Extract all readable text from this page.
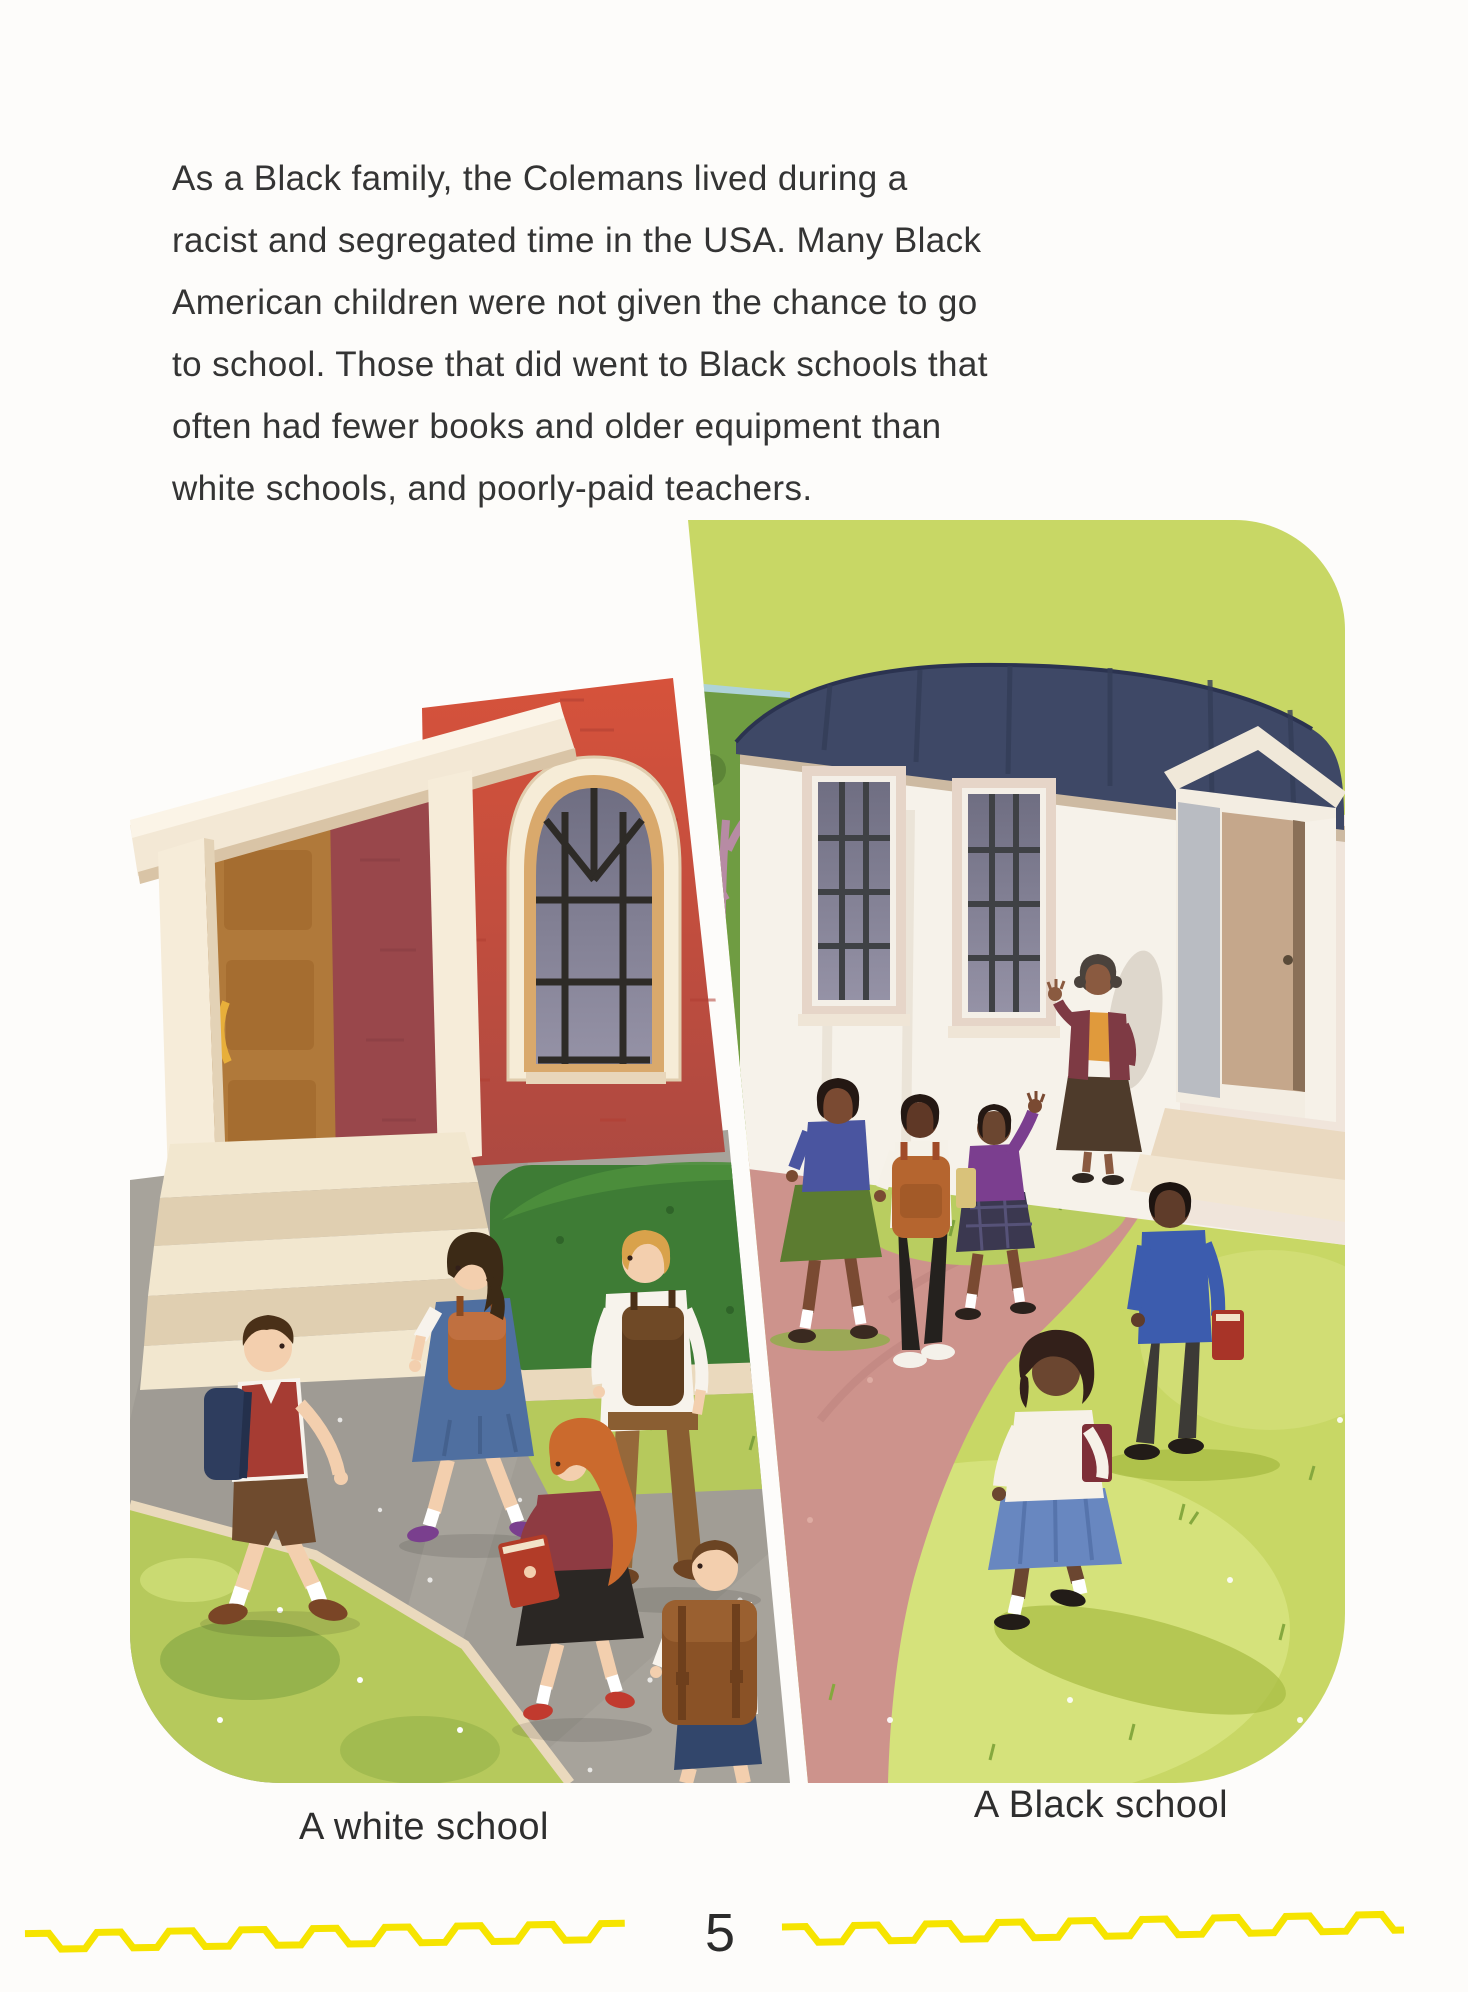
As a Black family, the Colemans lived during a
racist and segregated time in the USA. Many Black
American children were not given the chance to go
to school. Those that did went to Black schools that
often had fewer books and older equipment than
white schools, and poorly-paid teachers.
A white school
A Black school
5
